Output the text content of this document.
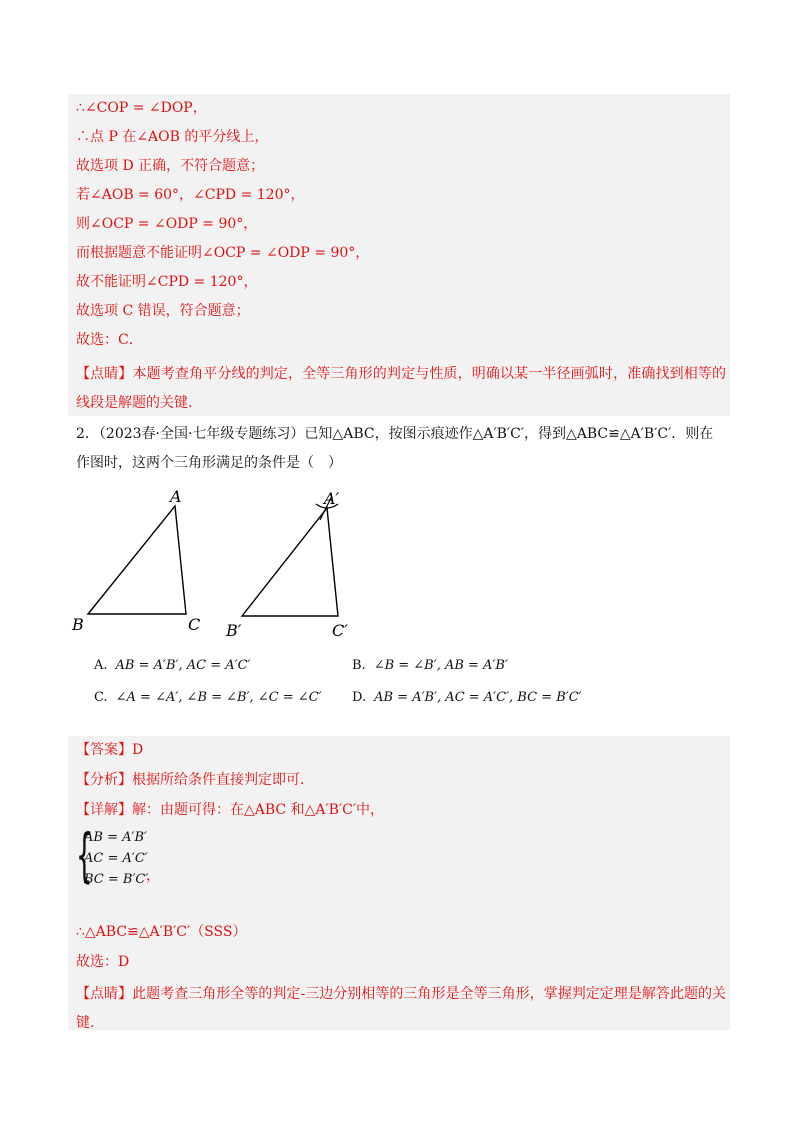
∴∠COP = ∠DOP，
∴点 P 在∠AOB 的平分线上，
故选项 D 正确，不符合题意；
若∠AOB = 60°，∠CPD = 120°，
则∠OCP = ∠ODP = 90°，
而根据题意不能证明∠OCP = ∠ODP = 90°，
故不能证明∠CPD = 120°，
故选项 C 错误，符合题意；
故选：C．
【点睛】本题考查角平分线的判定，全等三角形的判定与性质，明确以某一半径画弧时，准确找到相等的线段是解题的关键.
2．（2023春·全国·七年级专题练习）已知△ABC，按图示痕迹作△A′B′C′，得到△ABC≌△A′B′C′．则在作图时，这两个三角形满足的条件是（　）
A
B	C
A′
B′	C′
A. AB = A′B′, AC = A′C′	B. ∠B = ∠B′, AB = A′B′
C. ∠A = ∠A′, ∠B = ∠B′, ∠C = ∠C′ D. AB = A′B′, AC = A′C′, BC = B′C′
【答案】D
【分析】根据所给条件直接判定即可.
【详解】解：由题可得：在△ABC 和△A′B′C′中，
{
AB = A′B′
AC = A′C′
BC = B′C′
，
∴△ABC≌△A′B′C′（SSS）
故选：D
【点睛】此题考查三角形全等的判定-三边分别相等的三角形是全等三角形，掌握判定定理是解答此题的关键.
